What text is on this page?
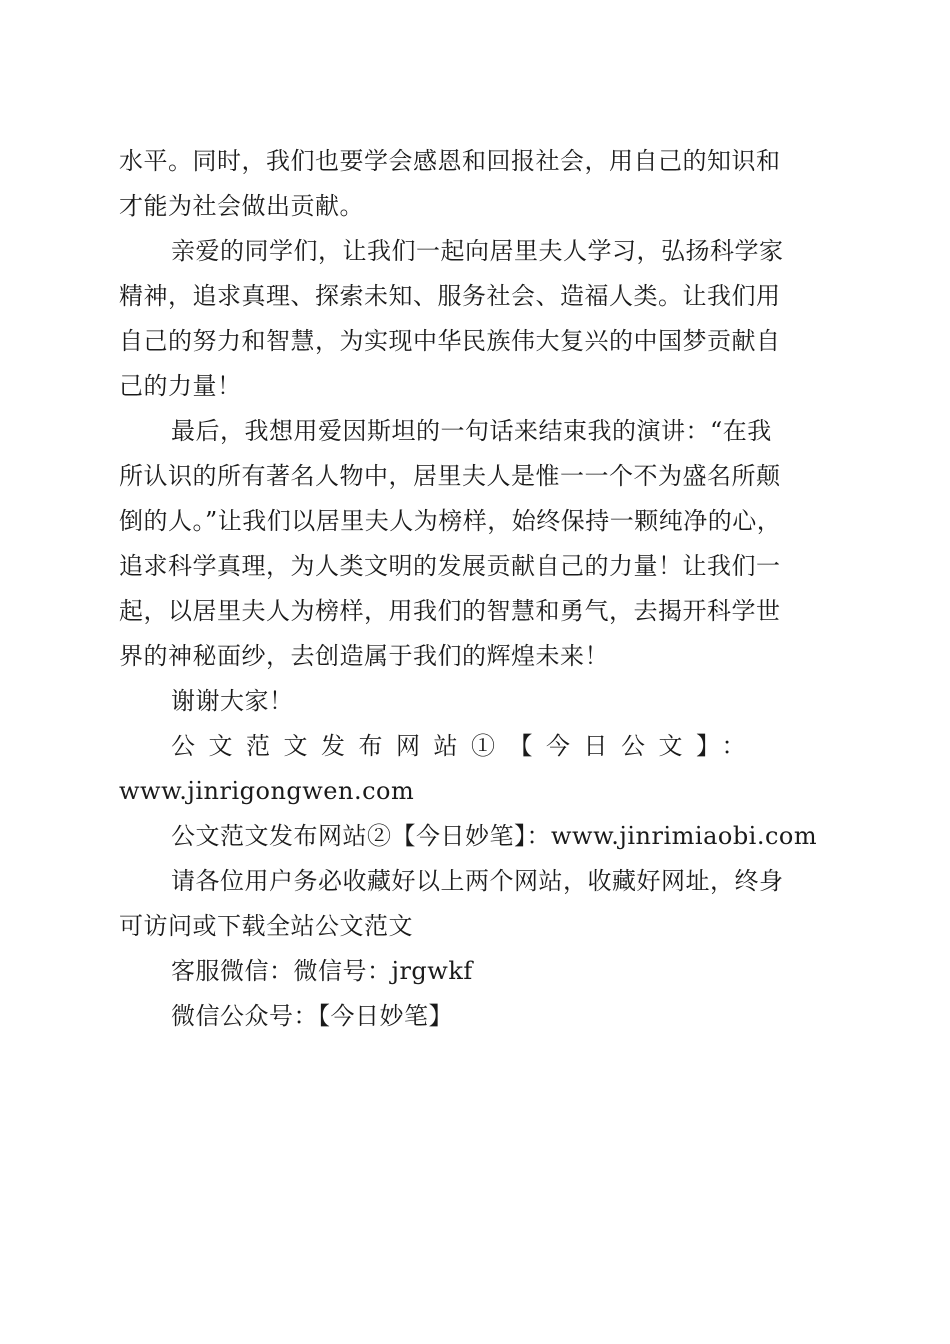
水平。同时，我们也要学会感恩和回报社会，用自己的知识和
才能为社会做出贡献。
亲爱的同学们，让我们一起向居里夫人学习，弘扬科学家
精神，追求真理、探索未知、服务社会、造福人类。让我们用
自己的努力和智慧，为实现中华民族伟大复兴的中国梦贡献自
己的力量！
最后，我想用爱因斯坦的一句话来结束我的演讲：“在我
所认识的所有著名人物中，居里夫人是惟一一个不为盛名所颠
倒的人。”让我们以居里夫人为榜样，始终保持一颗纯净的心，
追求科学真理，为人类文明的发展贡献自己的力量！让我们一
起，以居里夫人为榜样，用我们的智慧和勇气，去揭开科学世
界的神秘面纱，去创造属于我们的辉煌未来！
谢谢大家！
公文范文发布网站①【今日公文】：
www.jinrigongwen.com
公文范文发布网站②【今日妙笔】：www.jinrimiaobi.com
请各位用户务必收藏好以上两个网站，收藏好网址，终身
可访问或下载全站公文范文
客服微信：微信号：jrgwkf
微信公众号：【今日妙笔】
